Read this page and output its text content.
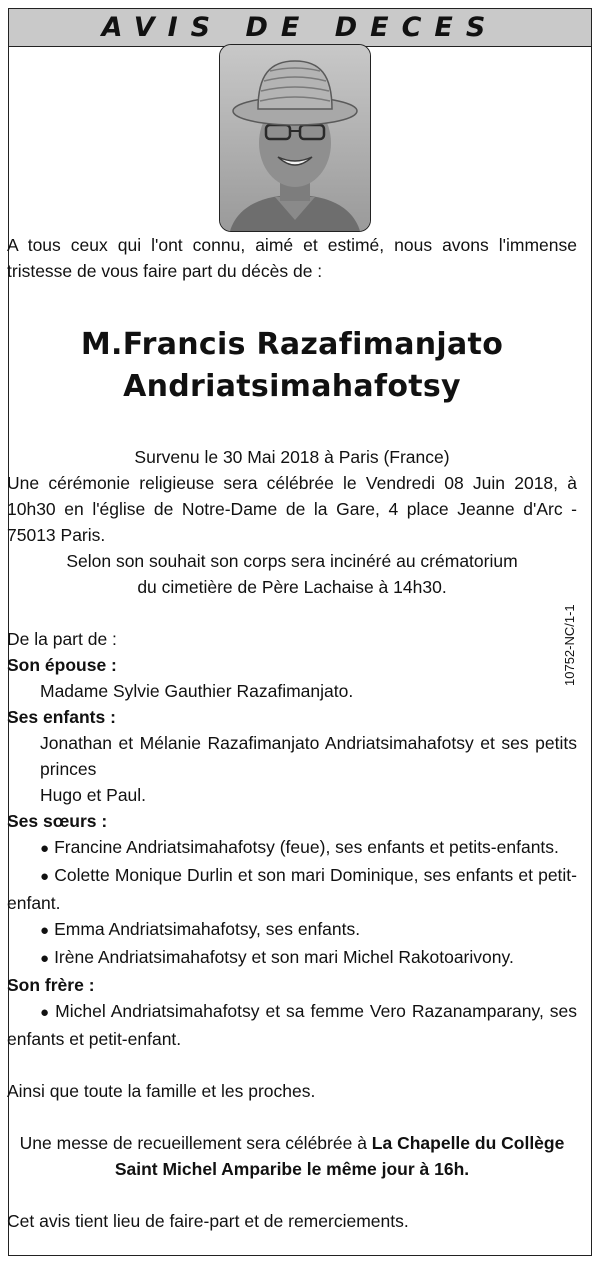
AVIS DE DECES

A tous ceux qui l'ont connu, aimé et estimé, nous avons l'immense tristesse de vous faire part du décès de :

M.Francis Razafimanjato
Andriatsimahafotsy

Survenu le 30 Mai 2018 à Paris (France)

Une cérémonie religieuse sera célébrée le Vendredi 08 Juin 2018, à 10h30 en l'église de Notre-Dame de la Gare, 4 place Jeanne d'Arc - 75013 Paris.

Selon son souhait son corps sera incinéré au crématorium

du cimetière de Père Lachaise à 14h30.

De la part de :

Son épouse :

Madame Sylvie Gauthier Razafimanjato.

Ses enfants :

Jonathan et Mélanie Razafimanjato Andriatsimahafotsy et ses petits princes

Hugo et Paul.

Ses sœurs :

● Francine Andriatsimahafotsy (feue), ses enfants et petits-enfants.

● Colette Monique Durlin et son mari Dominique, ses enfants et petit-enfant.

● Emma Andriatsimahafotsy, ses enfants.

● Irène Andriatsimahafotsy et son mari Michel Rakotoarivony.

Son frère :

● Michel Andriatsimahafotsy et sa femme Vero Razanamparany, ses enfants et petit-enfant.

Ainsi que toute la famille et les proches.

Une messe de recueillement sera célébrée à La Chapelle du Collège Saint Michel Amparibe le même jour à 16h.

Cet avis tient lieu de faire-part et de remerciements.

10752-NC/1-1
